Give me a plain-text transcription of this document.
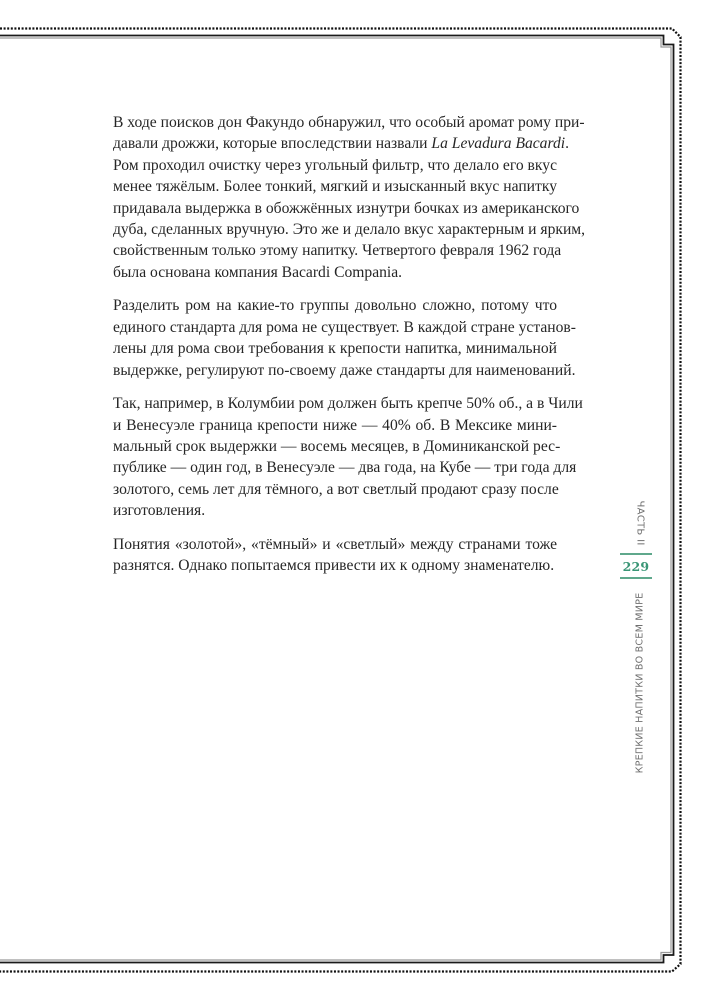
В ходе поисков дон Факундо обнаружил, что особый аромат рому при-
давали дрожжи, которые впоследствии назвали La Levadura Bacardi.
Ром проходил очистку через угольный фильтр, что делало его вкус
менее тяжёлым. Более тонкий, мягкий и изысканный вкус напитку
придавала выдержка в обожжённых изнутри бочках из американского
дуба, сделанных вручную. Это же и делало вкус характерным и ярким,
свойственным только этому напитку. Четвертого февраля 1962 года
была основана компания Bacardi Compania.

Разделить ром на какие-то группы довольно сложно, потому что
единого стандарта для рома не существует. В каждой стране установ-
лены для рома свои требования к крепости напитка, минимальной
выдержке, регулируют по-своему даже стандарты для наименований.

Так, например, в Колумбии ром должен быть крепче 50% об., а в Чили
и Венесуэле граница крепости ниже — 40% об. В Мексике мини-
мальный срок выдержки — восемь месяцев, в Доминиканской рес-
публике — один год, в Венесуэле — два года, на Кубе — три года для
золотого, семь лет для тёмного, а вот светлый продают сразу после
изготовления.

Понятия «золотой», «тёмный» и «светлый» между странами тоже
разнятся. Однако попытаемся привести их к одному знаменателю.

ЧАСТЬ II
229
КРЕПКИЕ НАПИТКИ ВО ВСЕМ МИРЕ
